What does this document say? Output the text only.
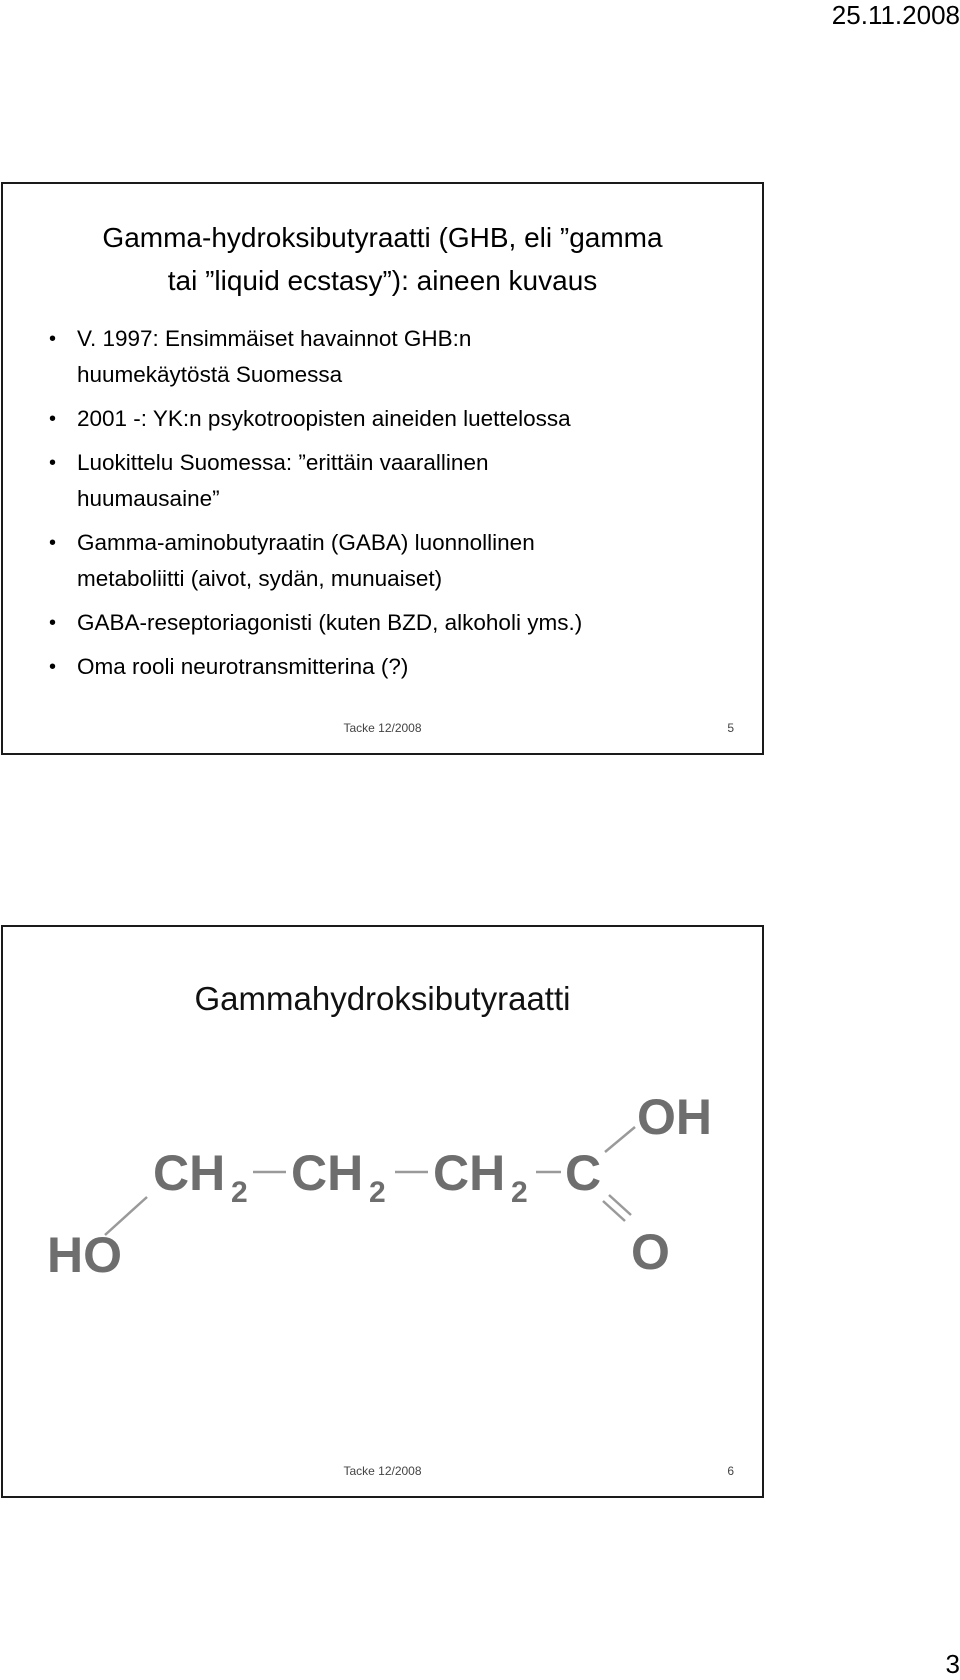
25.11.2008
Gamma-hydroksibutyraatti (GHB, eli ”gamma
tai ”liquid ecstasy”): aineen kuvaus
• V. 1997: Ensimmäiset havainnot GHB:n
huumekäytöstä Suomessa
• 2001 -: YK:n psykotroopisten aineiden luettelossa
• Luokittelu Suomessa: ”erittäin vaarallinen
huumausaine”
• Gamma-aminobutyraatin (GABA) luonnollinen
metaboliitti (aivot, sydän, munuaiset)
• GABA-reseptoriagonisti (kuten BZD, alkoholi yms.)
• Oma rooli neurotransmitterina (?)
Tacke 12/2008	5
Gammahydroksibutyraatti
HO
CH 2 CH 2 CH 2 C
OH
O
Tacke 12/2008	6
3
